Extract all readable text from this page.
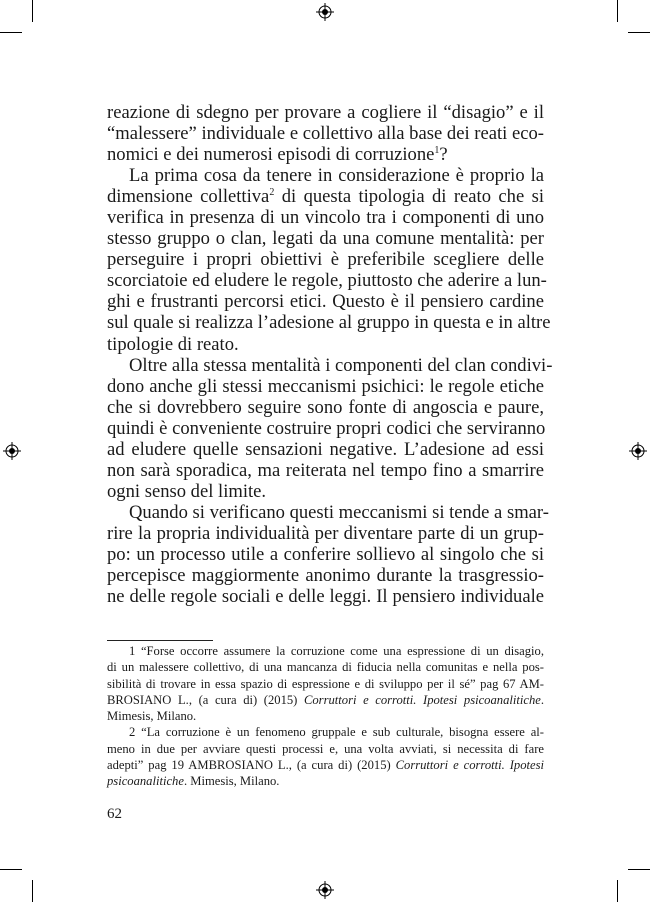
reazione di sdegno per provare a cogliere il “disagio” e il
“malessere” individuale e collettivo alla base dei reati eco-
nomici e dei numerosi episodi di corruzione$^1$?
La prima cosa da tenere in considerazione è proprio la
dimensione collettiva$^2$ di questa tipologia di reato che si
verifica in presenza di un vincolo tra i componenti di uno
stesso gruppo o clan, legati da una comune mentalità: per
perseguire i propri obiettivi è preferibile scegliere delle
scorciatoie ed eludere le regole, piuttosto che aderire a lun-
ghi e frustranti percorsi etici. Questo è il pensiero cardine
sul quale si realizza l’adesione al gruppo in questa e in altre
tipologie di reato.
Oltre alla stessa mentalità i componenti del clan condivi-
dono anche gli stessi meccanismi psichici: le regole etiche
che si dovrebbero seguire sono fonte di angoscia e paure,
quindi è conveniente costruire propri codici che serviranno
ad eludere quelle sensazioni negative. L’adesione ad essi
non sarà sporadica, ma reiterata nel tempo fino a smarrire
ogni senso del limite.
Quando si verificano questi meccanismi si tende a smar-
rire la propria individualità per diventare parte di un grup-
po: un processo utile a conferire sollievo al singolo che si
percepisce maggiormente anonimo durante la trasgressio-
ne delle regole sociali e delle leggi. Il pensiero individuale
1 “Forse occorre assumere la corruzione come una espressione di un disagio,
di un malessere collettivo, di una mancanza di fiducia nella comunitas e nella pos-
sibilità di trovare in essa spazio di espressione e di sviluppo per il sé” pag 67 AM-
BROSIANO L., (a cura di) (2015) Corruttori e corrotti. Ipotesi psicoanalitiche.
Mimesis, Milano.
2 “La corruzione è un fenomeno gruppale e sub culturale, bisogna essere al-
meno in due per avviare questi processi e, una volta avviati, si necessita di fare
adepti” pag 19 AMBROSIANO L., (a cura di) (2015) Corruttori e corrotti. Ipotesi
psicoanalitiche. Mimesis, Milano.
62
